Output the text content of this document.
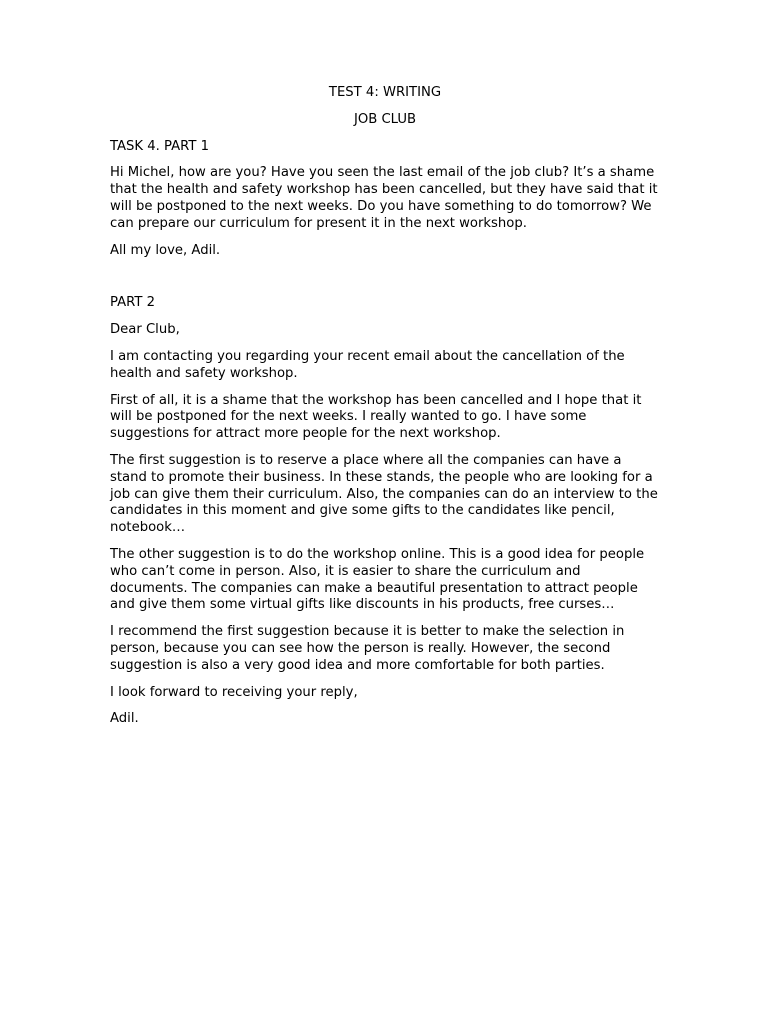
TEST 4: WRITING

JOB CLUB

TASK 4. PART 1

Hi Michel, how are you? Have you seen the last email of the job club? It’s a shame that the health and safety workshop has been cancelled, but they have said that it will be postponed to the next weeks. Do you have something to do tomorrow? We can prepare our curriculum for present it in the next workshop.

All my love, Adil.

PART 2

Dear Club,

I am contacting you regarding your recent email about the cancellation of the health and safety workshop.

First of all, it is a shame that the workshop has been cancelled and I hope that it will be postponed for the next weeks. I really wanted to go. I have some suggestions for attract more people for the next workshop.

The first suggestion is to reserve a place where all the companies can have a stand to promote their business. In these stands, the people who are looking for a job can give them their curriculum. Also, the companies can do an interview to the candidates in this moment and give some gifts to the candidates like pencil, notebook…

The other suggestion is to do the workshop online. This is a good idea for people who can’t come in person. Also, it is easier to share the curriculum and documents. The companies can make a beautiful presentation to attract people and give them some virtual gifts like discounts in his products, free curses…

I recommend the first suggestion because it is better to make the selection in person, because you can see how the person is really. However, the second suggestion is also a very good idea and more comfortable for both parties.

I look forward to receiving your reply,

Adil.
